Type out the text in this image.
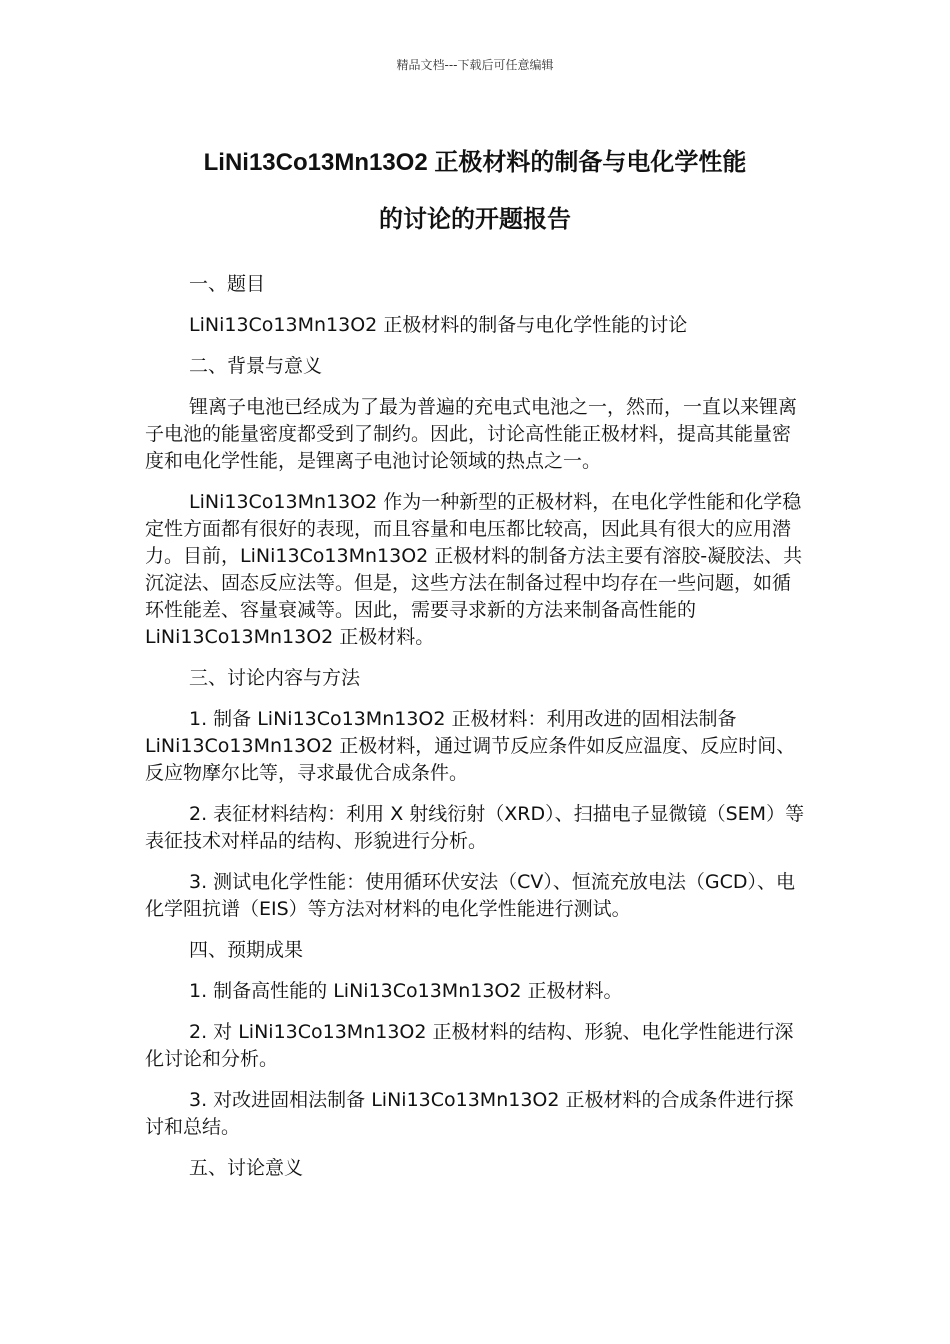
精品文档---下载后可任意编辑
LiNi13Co13Mn13O2 正极材料的制备与电化学性能
的讨论的开题报告

一、题目

LiNi13Co13Mn13O2 正极材料的制备与电化学性能的讨论

二、背景与意义

锂离子电池已经成为了最为普遍的充电式电池之一，然而，一直以来锂离子电池的能量密度都受到了制约。因此，讨论高性能正极材料，提高其能量密度和电化学性能，是锂离子电池讨论领域的热点之一。

LiNi13Co13Mn13O2 作为一种新型的正极材料，在电化学性能和化学稳定性方面都有很好的表现，而且容量和电压都比较高，因此具有很大的应用潜力。目前，LiNi13Co13Mn13O2 正极材料的制备方法主要有溶胶-凝胶法、共沉淀法、固态反应法等。但是，这些方法在制备过程中均存在一些问题，如循环性能差、容量衰减等。因此，需要寻求新的方法来制备高性能的 LiNi13Co13Mn13O2 正极材料。

三、讨论内容与方法

1. 制备 LiNi13Co13Mn13O2 正极材料：利用改进的固相法制备 LiNi13Co13Mn13O2 正极材料，通过调节反应条件如反应温度、反应时间、反应物摩尔比等，寻求最优合成条件。

2. 表征材料结构：利用 X 射线衍射（XRD）、扫描电子显微镜（SEM）等表征技术对样品的结构、形貌进行分析。

3. 测试电化学性能：使用循环伏安法（CV）、恒流充放电法（GCD）、电化学阻抗谱（EIS）等方法对材料的电化学性能进行测试。

四、预期成果

1. 制备高性能的 LiNi13Co13Mn13O2 正极材料。

2. 对 LiNi13Co13Mn13O2 正极材料的结构、形貌、电化学性能进行深化讨论和分析。

3. 对改进固相法制备 LiNi13Co13Mn13O2 正极材料的合成条件进行探讨和总结。

五、讨论意义
